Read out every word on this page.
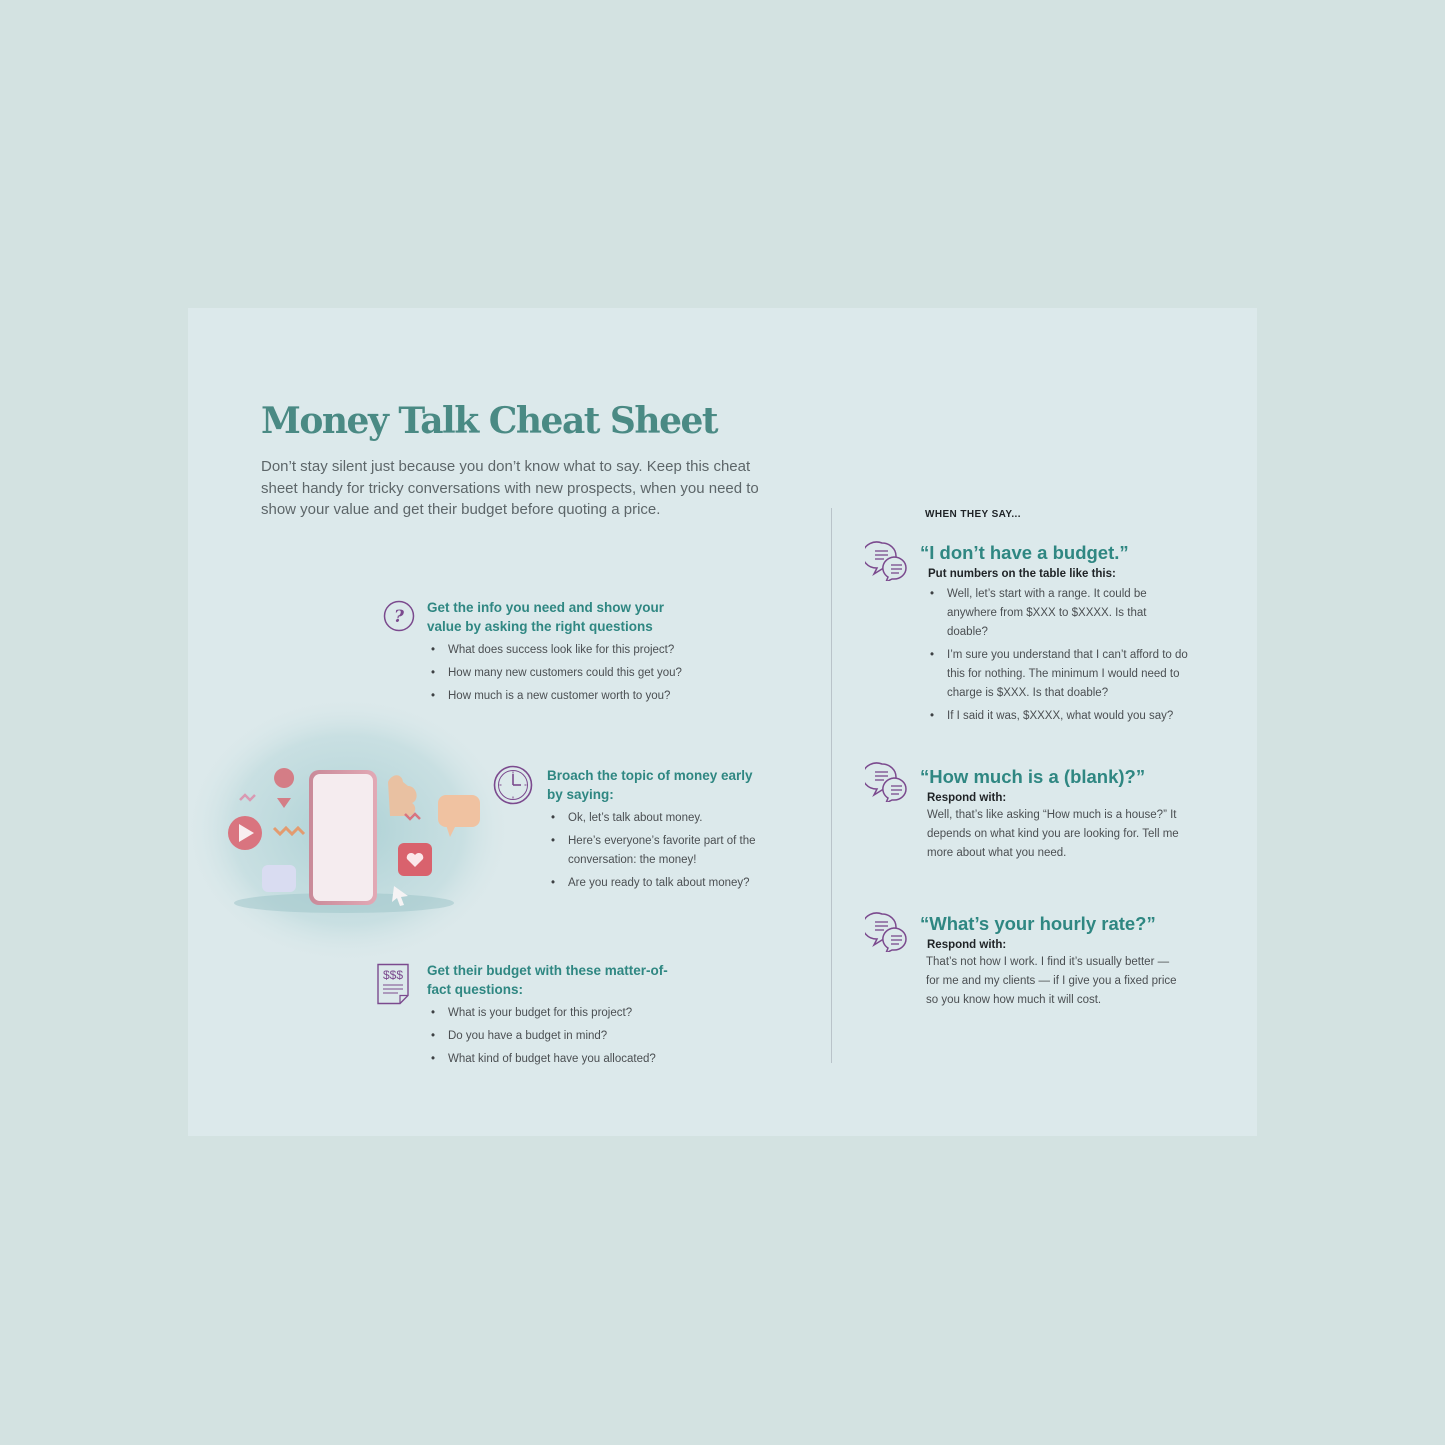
Money Talk Cheat Sheet

Don’t stay silent just because you don’t know what to say. Keep this cheat sheet handy for tricky conversations with new prospects, when you need to show your value and get their budget before quoting a price.

? Get the info you need and show your value by asking the right questions
• What does success look like for this project?
• How many new customers could this get you?
• How much is a new customer worth to you?
Broach the topic of money early by saying:
• Ok, let’s talk about money.
• Here’s everyone’s favorite part of the conversation: the money!
• Are you ready to talk about money?
$$$ Get their budget with these matter-of-fact questions:
• What is your budget for this project?
• Do you have a budget in mind?
• What kind of budget have you allocated?
WHEN THEY SAY...
“I don’t have a budget.”

Put numbers on the table like this:

• Well, let’s start with a range. It could be anywhere from $XXX to $XXXX. Is that doable?
• I’m sure you understand that I can’t afford to do this for nothing. The minimum I would need to charge is $XXX. Is that doable?
• If I said it was, $XXXX, what would you say?
“How much is a (blank)?”

Respond with:

Well, that’s like asking “How much is a house?” It depends on what kind you are looking for. Tell me more about what you need.

“What’s your hourly rate?”

Respond with:

That’s not how I work. I find it’s usually better — for me and my clients — if I give you a fixed price so you know how much it will cost.
